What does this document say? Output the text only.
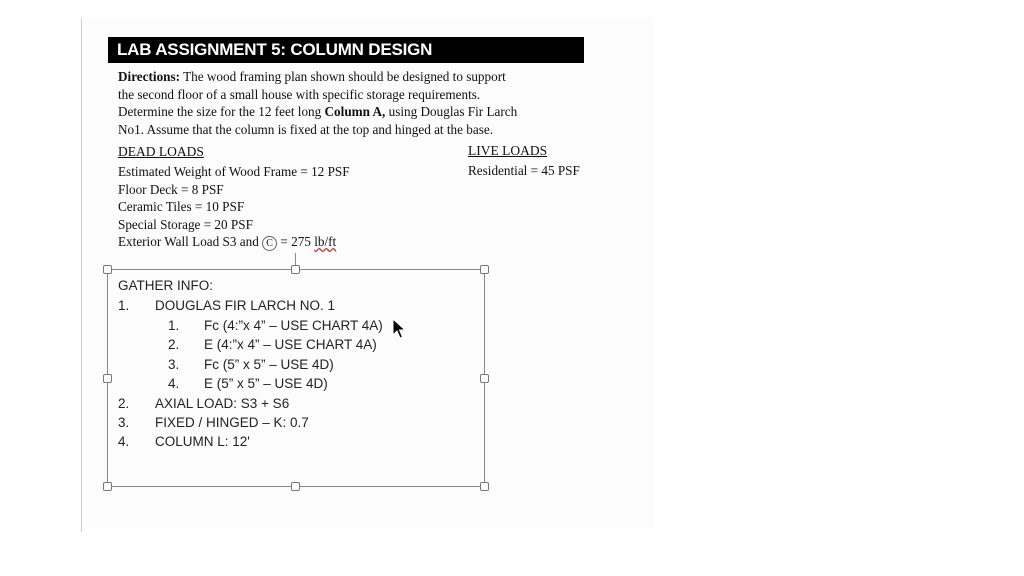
LAB ASSIGNMENT 5: COLUMN DESIGN
Directions: The wood framing plan shown should be designed to support
the second floor of a small house with specific storage requirements.
Determine the size for the 12 feet long Column A, using Douglas Fir Larch
No1. Assume that the column is fixed at the top and hinged at the base.
DEAD LOADS	LIVE LOADS
Estimated Weight of Wood Frame = 12 PSF
Floor Deck = 8 PSF
Ceramic Tiles = 10 PSF
Special Storage = 20 PSF
Exterior Wall Load S3 and C = 275 lb/ft
Residential = 45 PSF
GATHER INFO:
1. DOUGLAS FIR LARCH NO. 1
1. Fc (4:”x 4” – USE CHART 4A)
2. E (4:”x 4” – USE CHART 4A)
3. Fc (5” x 5” – USE 4D)
4. E (5” x 5” – USE 4D)
2. AXIAL LOAD: S3 + S6
3. FIXED / HINGED – K: 0.7
4. COLUMN L: 12'
